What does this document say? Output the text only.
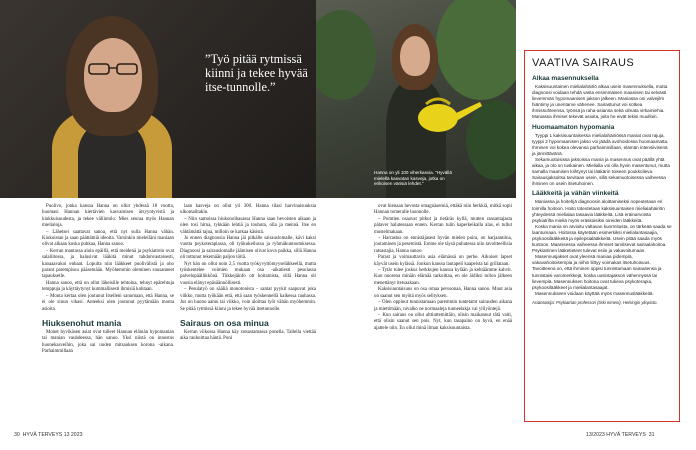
”Työ pitää rytmissä kiinni ja tekee hyvää itse-tunnolle.”

Puolivo, jonka kanssa Hanna on ollut yhdessä 18 vuotta, huomasi Hannan kiertävien kasvamisen ärsyyntyvistä ja kiukkuisuudesta, ja tekee väliintulo. Mies seuraa myös Hannan mielialoja.

– Lähetsei saattavat sanoa, että nyt sulla Hanna vähän. Kiukuistan ja saan päättämiä ideoita. Varsinkin mielelläni maniaan olivat alkaan koska puhkaa, Hanna sanoo.

– Kerran mantassa aloin epäillä, että meidenä ja psykiatrein ovat salaliitossa, ja halusivat lääkitä minut tahdonvastaisesti, kaoaaavakoi enbaat. Lopulta niin lääkkeet puolivälistä ja oho parant parempisuu pääsemään. Myöhemmin oleminen suusanneet tapauksetle.

Hanna sanoo, että on ollut läheisille tehtoina, tehnyt epärehtuja temppuja ja käyttäytynyt kummallisesti ihmisiä kohtaan.

– Monta kertaa olen joutunut Itselleni sanomaan, että Hanna, se ei ole sinun vikasi. Anteeksi olen joutunut pyytämään monta asioita.

Hiuksenohut mania

Monet hyvikäsen asiat ovat tulleet Hannan elämän hypomanian tai manian vauhdeessa, hän sanoo. Yksi niistä on innostus huonekasveihin, joka sai uuden mitsauksen korona -aikana. Parhaimmillaan

laan kasveja on ollut yli 300. Hanna tilasi harvinaisuuksia ulkomailtakin.

– Niin samoissa hiukonoibasassa Hanna saan hevoisten aikaan ja olen tosi hirna, tykkään lehtiä ja touhuta, olla ja mennä. Itse en vähtämättä tajua, milloin se karkaa käsistä.

Jo ennen diagnoosia Hanna jäi pitkälle sairauslomalle, kävi kaksi vuotta psykoterapiassa, oli työkokeilussa ja ryhmäkuntoutuksessa. Diagnoosi ja sairauslomalle jäämisen olivat kova paikka, sillä Hanna oli tottunut tekemään paljon töitä.

Nyt hän on ollut noin 2,5 vuotta työkyvyttömyyseläkkeellä, mutta työskentelee voimien mukaan osa -aikatiesti pesulassa palvelupäällikkönä. Tiikkejäinfo ott hoitamista, sillä Hanna oli vuosia elänyt epäsäännöllisesti.

– Pesulatyö on sääliä monotonista – samat pyykit saapuvat joka viikko, mutta työkään että, että saan työskennellä kaikessa rauhassa. Jos on huono aamu tai viikko, voin aloittaa työt vähän myöhemmin. Se pitää rytmissä kiinni ja tekee hyvää itsetunnolle.

Sairaus on osa minua

Kerran viikossa Hanna käy ratsastamassa ponella. Tallella viettää aika rauhoittaa häntä. Poni

30 HYVÄ TERVEYS 13 2023
Hanna on yli 100 viherkasvia. ”Hyvällä mielellä kasvatan kasveja, jotka on erikoisen värisiä lehdet.”

ovat hienaan hevosta omagnäsemiä, ettäkä niin herkkiä, mitkä sopii Hannan tomeralle luonnolle.

– Pomtien osaavat pitkut ja tietäräs kyllä, mutten ransantajasta pätaver halutessaan ennen. Kerran tulin kaperkeikalla alas, ei tullut mustelmakaan.

– Harrastus on ennistäjasest hyvän mielen puira, on harjaamiina, jootaminen ja pesemistä. Emme ole täysä puhutessa niin tavoitteellisia ratsastajia, Hanna sanoo.

Parast ja voimauttavin asia elämässä on perhe. Aikuiset lapset käyvät usein kylässä. Jonkun kanssa lautapeli kaapeista tai grillataan.

– Tytär tulee joskus herkkujen kanssa kylään ja kehtäämme kahvit. Kun nuorena minäin elämää tarkoittaa, en ole äidiksi tullon jälkeen menettänyt itetsaakaan.

Kaksisuuntaisuus on osa omaa persoonaa, Hanna sanoo. Muut asia on saanut sen myötä myös selityksen.

– Olen oppinut tunnistamaan paremmin tuntetamt sairauden aikana ja miettimään, nivalko ne normaaleja tunneelakja vai ylilyöntejä.

– Kun sairaus on ollut alttiuttemittäin, olisin maikannut tätä vaiti, että olisin saanut sen pois. Nyt, kun tasapaino on hyvä, en enää ajattele niin. En ollut minä ilman kaksisuuntaista.

VAATIVA SAIRAUS
Alkaa masennuksella

Kaksisuuntainen mielialahäiriö alkaa usein masennuksella, mutta diagnoosi voidaan tehdä vasta ensimmäisen maanisen tai selvästi lievemmän hypomaanisen jakson jälkeen. Maniassa oni valvejilm hiäntimy ja unentarve vähenee. Sairastunut voi sotkea ihmissuhteensa, työnsä ja raha-asiansa sekä ulmata virkamiehia. Maniassa ihmiset tekevät asioita, joita he eivät tekisi muulloin.

Huomaamaton hypomania

Tyyppi 1 kaksisuuntaisessa mielialahäiriössä maniat ovat rajuja, tyyppi 2 hypomaanisen jakso voi jäädä avohoidossa huomaamatta. Ihminen voi kokea olevansa parhaimmillaan, elämän intensiivisenä ja jännittävänä.

Sekamuotoisissa jaksoissa mania ja masennus ovat päällä yhtä aikaa, ja olo on tuskainen. Mielialla voi olla hyvin masentunut, mutta samalla maanisen kiihtynyt tai lääkärin toiseen poukkoileva. Sairausjaksoitsa tarvitaan usein, sillä sekamuotoisessa vaiheessa ihminen on usein itsetuhoinen.

Lääkkeitä ja vähän viinkeitä

Maniassa ja hoitehjä diagnoosin aloittamiseksi nopeutetaan eri toimilla hoitoon. Hoito toteutetaan kaksisuuntaisen mielialahäiriön yhteydessä mielialaa tasaavia lääkkeitä. Lisä eräinarvoista psykiatrilta mieliä myös eräskoisiksi oireiden lääkkeitä.

Koska mania on arvioitu valtavan kuormitusta, on tärkeää saada se laantumaan. Hoitossa käytetään esimerkiksi mielialantasaajia, psykoosilääkkeitä ja epilepsialääkkeitä. Usein pitää saada myös kuntoon. Maanisessa vaiheessa ihmiset tarvitsevat sairaalahoitoa. Psykiatrinen lääketieteet tulevat esiin ja vakavoitumaan.

Masennusjakset ovat yleensä maniaa pidempiä, vakavahoitoisempia ja niihin liittyy voimakas itsetuhoisuus. Tavoitteena on, että ihminen oppisi tunnistamaan sairautensa ja tunnistaisi varomerkkejä, koska uusintajakson vähennyssä tai lievempiä. Masennuksen hoitona ovat tukeva psykoterapia, psykoosilääkkeet ja mielialantasaajat.

Masennukseen voidaan käyttää myös masennuslääkkeitä.

Asiantuntija: Psykiatrian professori (tiski nimeni), Helsingin yliopisto.

13/2023 HYVÄ TERVEYS 31
